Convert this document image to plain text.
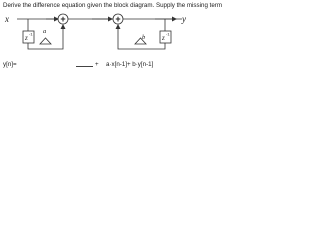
Derive the difference equation given the block diagram. Supply the missing term
x	y
+	+
z -1 a
z -1
b
y[n]=	+ a·x[n-1]+ b·y[n-1]
